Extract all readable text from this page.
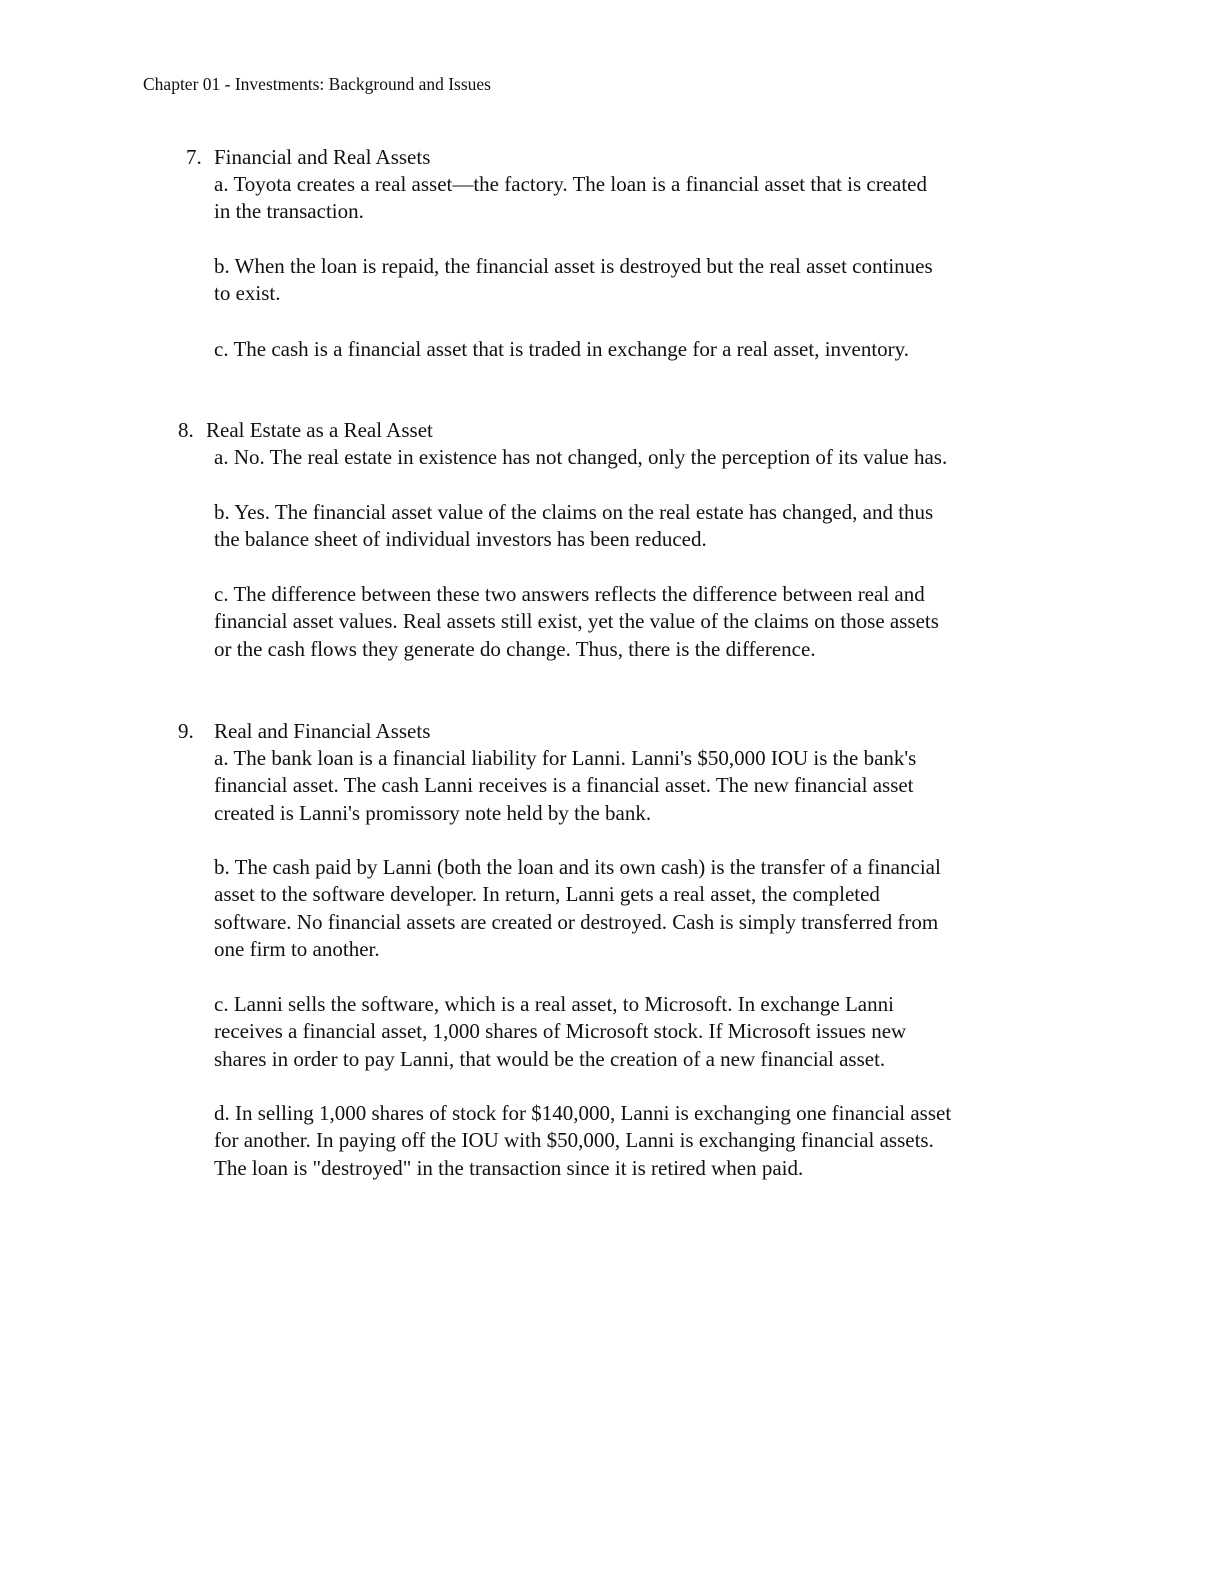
Chapter 01 - Investments: Background and Issues
7. Financial and Real Assets
a. Toyota creates a real asset—the factory. The loan is a financial asset that is created
in the transaction.
b. When the loan is repaid, the financial asset is destroyed but the real asset continues
to exist.
c. The cash is a financial asset that is traded in exchange for a real asset, inventory.
8. Real Estate as a Real Asset
a. No. The real estate in existence has not changed, only the perception of its value has.
b. Yes. The financial asset value of the claims on the real estate has changed, and thus
the balance sheet of individual investors has been reduced.
c. The difference between these two answers reflects the difference between real and
financial asset values. Real assets still exist, yet the value of the claims on those assets
or the cash flows they generate do change. Thus, there is the difference.
9. Real and Financial Assets
a. The bank loan is a financial liability for Lanni. Lanni's $50,000 IOU is the bank's
financial asset. The cash Lanni receives is a financial asset. The new financial asset
created is Lanni's promissory note held by the bank.
b. The cash paid by Lanni (both the loan and its own cash) is the transfer of a financial
asset to the software developer. In return, Lanni gets a real asset, the completed
software. No financial assets are created or destroyed. Cash is simply transferred from
one firm to another.
c. Lanni sells the software, which is a real asset, to Microsoft. In exchange Lanni
receives a financial asset, 1,000 shares of Microsoft stock. If Microsoft issues new
shares in order to pay Lanni, that would be the creation of a new financial asset.
d. In selling 1,000 shares of stock for $140,000, Lanni is exchanging one financial asset
for another. In paying off the IOU with $50,000, Lanni is exchanging financial assets.
The loan is "destroyed" in the transaction since it is retired when paid.
